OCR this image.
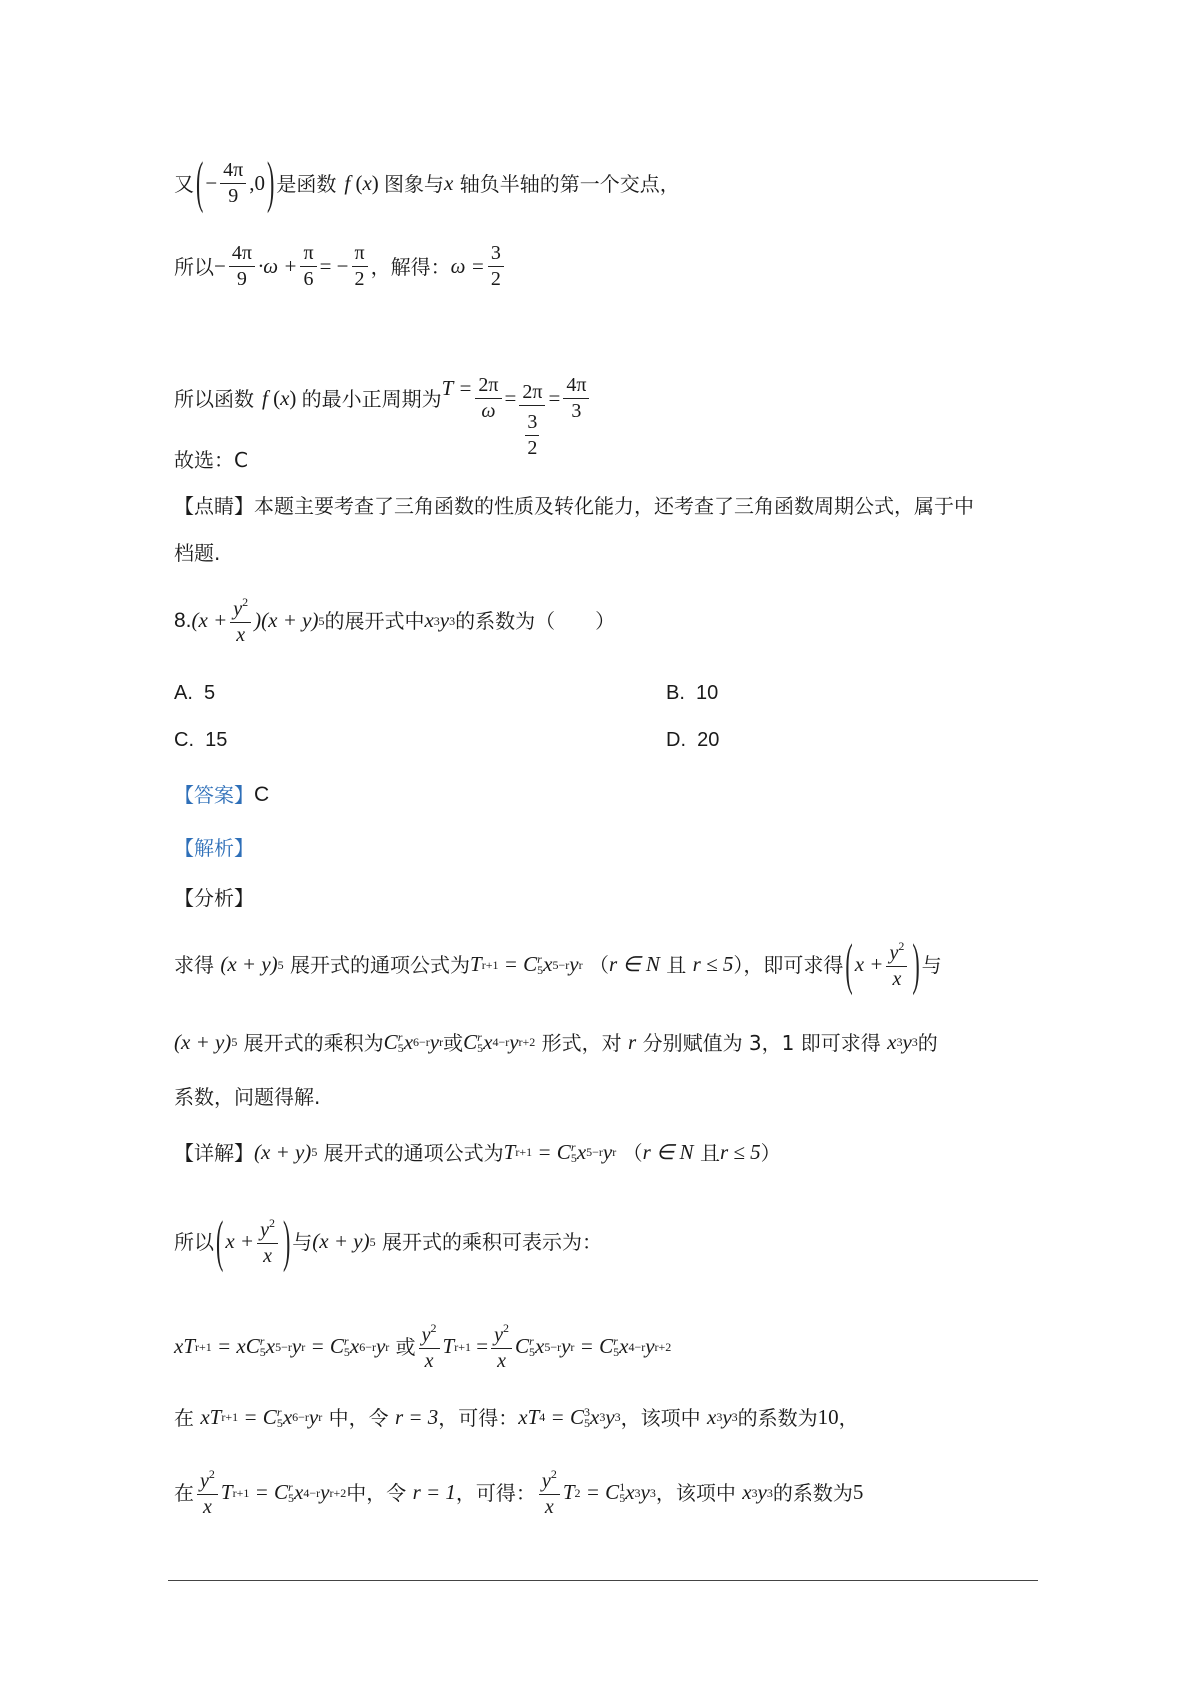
又 ( − $\frac{4\pi}{9} ,0$ ) 是函数 f ( x ) 图象与 x
轴负半轴的第一个交点，
所以 − $\frac{4\pi}{9} \cdot\omega + \frac{\pi}{6}$ = − $\frac{\pi}{2}$ ，解得： $\omega = \frac{3}{2}$
所以函数 f ( x ) 的最小正周期为 $T = \frac{2\pi}{\omega} = 2\pi$
3
$2 = \frac{4\pi}{3}$
故选：C
【点睛】本题主要考查了三角函数的性质及转化能力，还考查了三角函数周期公式，属于中
档题.
8. $(x + \frac{y^2}{x} )(x + y)$ 5 的展开式中 x 3 y 3 的系数为（　　）
A. 5	B. 10
C. 15	D. 20
【答案】 C
【解析】
【分析】
求得
(x + y) 5
展开式的通项公式为 T r+1
= C r
5 x 5−r y r
（ r ∈ N
且
r ≤ 5 ），即可求得 ( $x + \frac{y^2}{x}$ ) 与
(x + y) 5
展开式的乘积为 C r
5 x 6−r y r 或 C r
5 x 4−r y r+2
形式，对
r
分别赋值为 3，1 即可求得
x 3 y 3 的
系数，问题得解.
【详解】 (x + y) 5
展开式的通项公式为 T r+1
= C r
5 x 5−r y r
（ r ∈ N
且 r ≤ 5 ）
所以 ( $x + \frac{y^2}{x}$ ) 与 (x + y) 5
展开式的乘积可表示为：
xT r+1
= xC r
5 x 5−r y r
= C r
5 x 6−r y r
或 $\frac{y^2}{x}$ T r+1
= $\frac{y^2}{x}$ C r
5 x 5−r y r
= C r
5 x 4−r y r+2
在
xT r+1
= C r
5 x 6−r y r
中，令
r = 3 ，可得： xT 4
= C 3
5 x 3 y 3 ，该项中
x 3 y 3 的系数为 10 ，
在 $\frac{y^2}{x}$ T r+1
= C r
5 x 4−r y r+2 中，令
r = 1 ，可得： $\frac{y^2}{x}$ T 2
= C 1
5 x 3 y 3 ，该项中
x 3 y 3 的系数为 5
